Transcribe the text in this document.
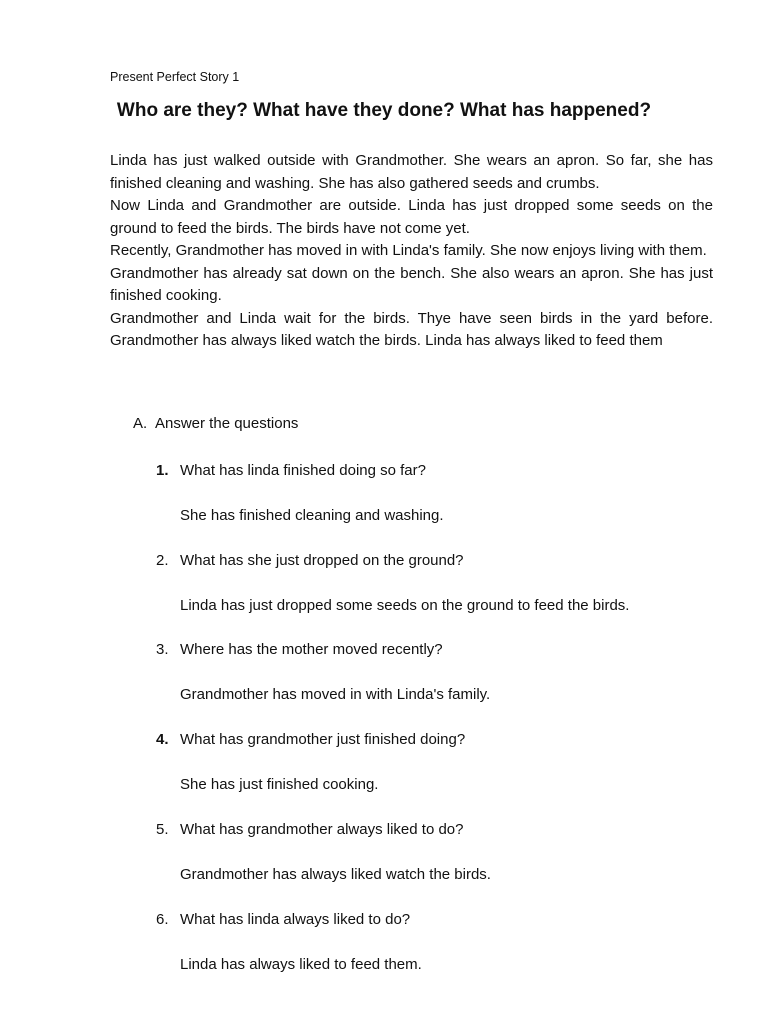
Present Perfect Story 1
Who are they? What have they done? What has happened?

Linda has just walked outside with Grandmother. She wears an apron. So far, she has finished cleaning and washing. She has also gathered seeds and crumbs.

Now Linda and Grandmother are outside. Linda has just dropped some seeds on the ground to feed the birds. The birds have not come yet.

Recently, Grandmother has moved in with Linda's family. She now enjoys living with them.

Grandmother has already sat down on the bench. She also wears an apron. She has just finished cooking.

Grandmother and Linda wait for the birds. Thye have seen birds in the yard before. Grandmother has always liked watch the birds. Linda has always liked to feed them

A. Answer the questions
1. What has linda finished doing so far?
She has finished cleaning and washing.
2. What has she just dropped on the ground?
Linda has just dropped some seeds on the ground to feed the birds.
3. Where has the mother moved recently?
Grandmother has moved in with Linda's family.
4. What has grandmother just finished doing?
She has just finished cooking.
5. What has grandmother always liked to do?
Grandmother has always liked watch the birds.
6. What has linda always liked to do?
Linda has always liked to feed them.
